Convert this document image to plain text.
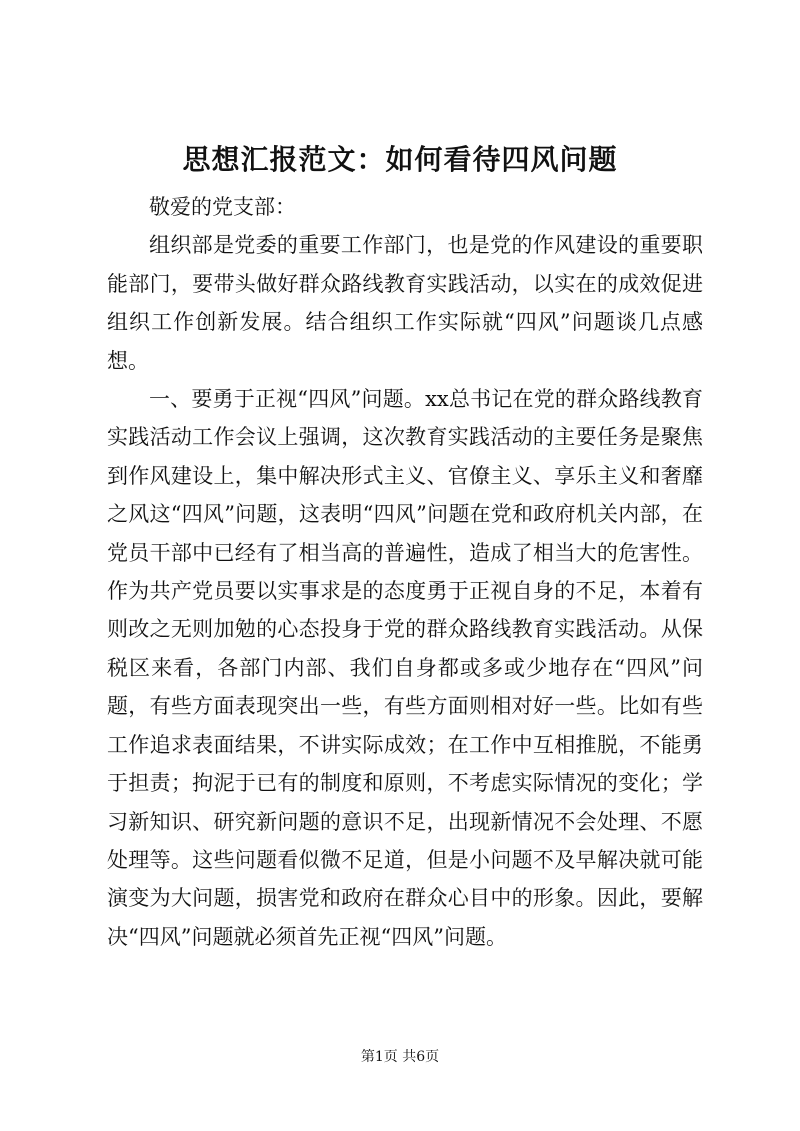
思想汇报范文：如何看待四风问题

敬爱的党支部：

组织部是党委的重要工作部门，也是党的作风建设的重要职能部门，要带头做好群众路线教育实践活动，以实在的成效促进组织工作创新发展。结合组织工作实际就“四风”问题谈几点感想。

一、要勇于正视“四风”问题。xx总书记在党的群众路线教育实践活动工作会议上强调，这次教育实践活动的主要任务是聚焦到作风建设上，集中解决形式主义、官僚主义、享乐主义和奢靡之风这“四风”问题，这表明“四风”问题在党和政府机关内部，在党员干部中已经有了相当高的普遍性，造成了相当大的危害性。作为共产党员要以实事求是的态度勇于正视自身的不足，本着有则改之无则加勉的心态投身于党的群众路线教育实践活动。从保税区来看，各部门内部、我们自身都或多或少地存在“四风”问题，有些方面表现突出一些，有些方面则相对好一些。比如有些工作追求表面结果，不讲实际成效；在工作中互相推脱，不能勇于担责；拘泥于已有的制度和原则，不考虑实际情况的变化；学习新知识、研究新问题的意识不足，出现新情况不会处理、不愿处理等。这些问题看似微不足道，但是小问题不及早解决就可能演变为大问题，损害党和政府在群众心目中的形象。因此，要解决“四风”问题就必须首先正视“四风”问题。

第1页 共6页
